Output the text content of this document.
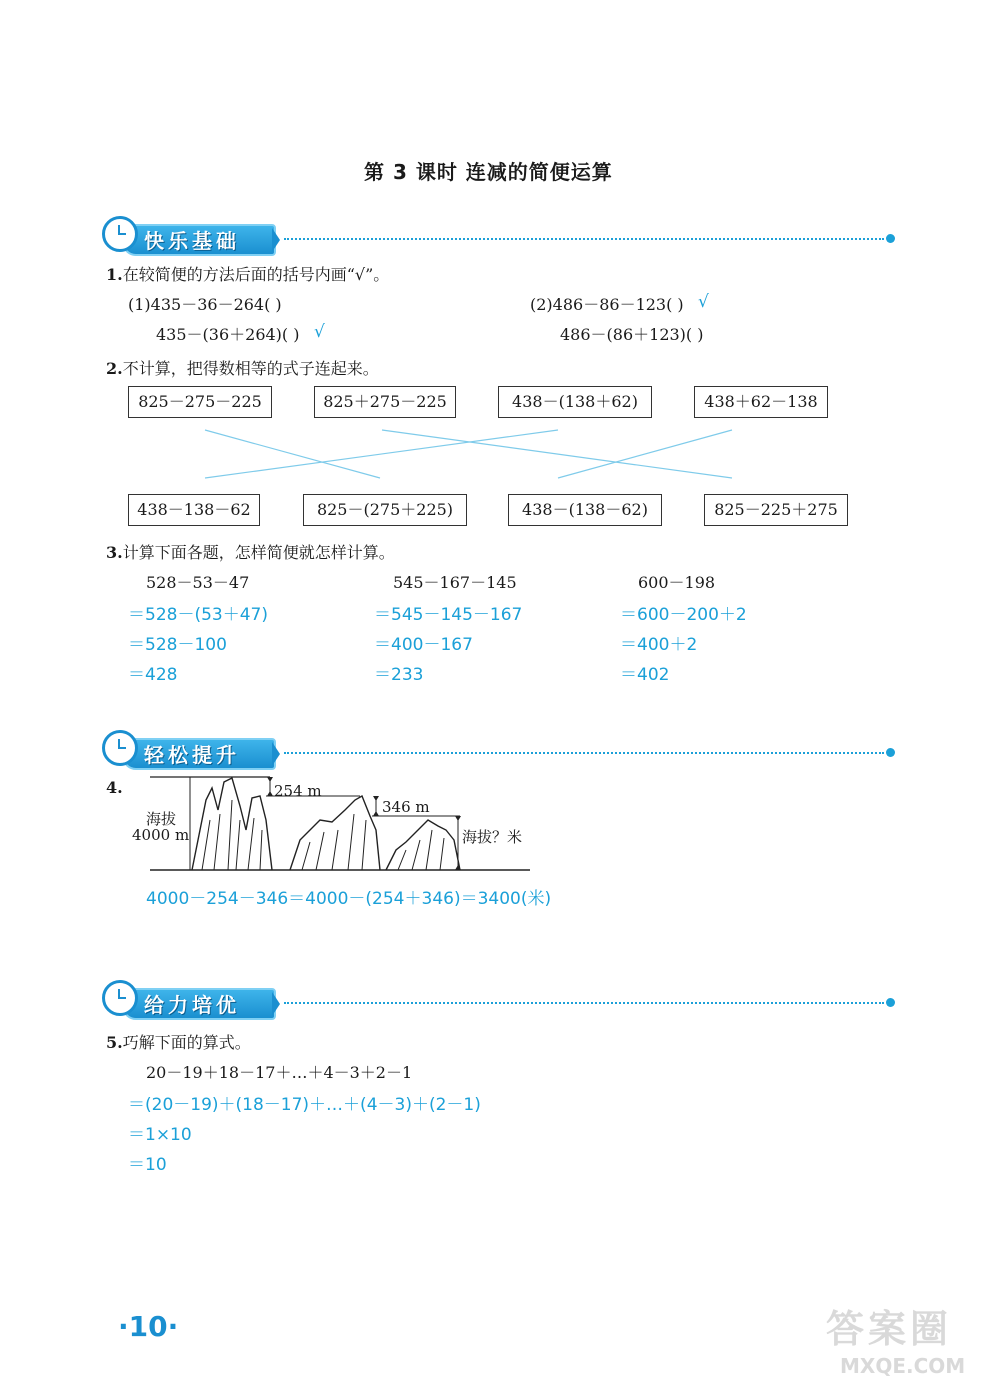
第 3 课时 连减的简便运算
快乐基础
1.在较简便的方法后面的括号内画“√”。
(1)435－36－264( )
435－(36＋264)( ) √
(2)486－86－123( ) √
486－(86＋123)( )
2.不计算，把得数相等的式子连起来。
825－275－225	825＋275－225	438－(138＋62)	438＋62－138
438－138－62	825－(275＋225)	438－(138－62)	825－225＋275
3.计算下面各题，怎样简便就怎样计算。
528－53－47
＝528－(53＋47)
＝528－100
＝428
545－167－145
＝545－145－167
＝400－167
＝233
600－198
＝600－200＋2
＝400＋2
＝402
轻松提升
4.
海拔
4000 m
254 m
346 m
海拔？米
4000－254－346＝4000－(254＋346)＝3400(米)
给力培优
5.巧解下面的算式。
20－19＋18－17＋…＋4－3＋2－1
＝(20－19)＋(18－17)＋…＋(4－3)＋(2－1)
＝1×10
＝10
·10·	答案圈
MXQE.COM
